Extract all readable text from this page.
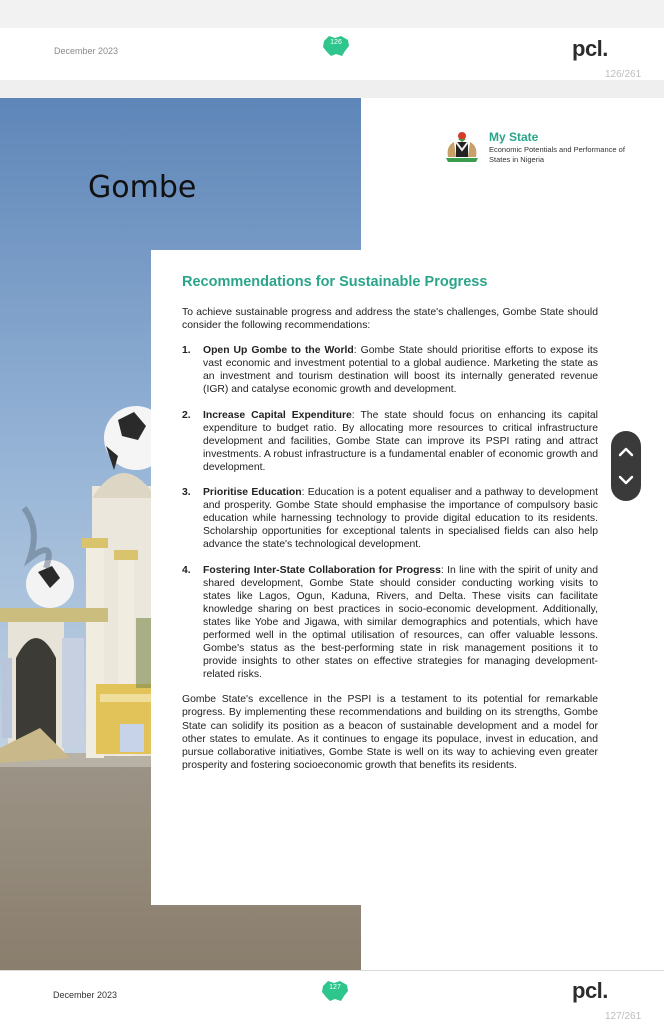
December 2023
126	pcl.
126/261
Gombe
My State
Economic Potentials and Performance of States in Nigeria
Recommendations for Sustainable Progress

To achieve sustainable progress and address the state's challenges, Gombe State should consider the following recommendations:

1. Open Up Gombe to the World: Gombe State should prioritise efforts to expose its vast economic and investment potential to a global audience. Marketing the state as an investment and tourism destination will boost its internally generated revenue (IGR) and catalyse economic growth and development.
2. Increase Capital Expenditure: The state should focus on enhancing its capital expenditure to budget ratio. By allocating more resources to critical infrastructure development and facilities, Gombe State can improve its PSPI rating and attract investments. A robust infrastructure is a fundamental enabler of economic growth and development.
3. Prioritise Education: Education is a potent equaliser and a pathway to development and prosperity. Gombe State should emphasise the importance of compulsory basic education while harnessing technology to provide digital education to its residents. Scholarship opportunities for exceptional talents in specialised fields can also help advance the state's technological development.
4. Fostering Inter-State Collaboration for Progress: In line with the spirit of unity and shared development, Gombe State should consider conducting working visits to states like Lagos, Ogun, Kaduna, Rivers, and Delta. These visits can facilitate knowledge sharing on best practices in socio-economic development. Additionally, states like Yobe and Jigawa, with similar demographics and potentials, which have performed well in the optimal utilisation of resources, can offer valuable lessons. Gombe's status as the best-performing state in risk management positions it to provide insights to other states on effective strategies for managing development-related risks.

Gombe State's excellence in the PSPI is a testament to its potential for remarkable progress. By implementing these recommendations and building on its strengths, Gombe State can solidify its position as a beacon of sustainable development and a model for other states to emulate. As it continues to engage its populace, invest in education, and pursue collaborative initiatives, Gombe State is well on its way to achieving even greater prosperity and fostering socioeconomic growth that benefits its residents.

December 2023
127	pcl.
127/261
